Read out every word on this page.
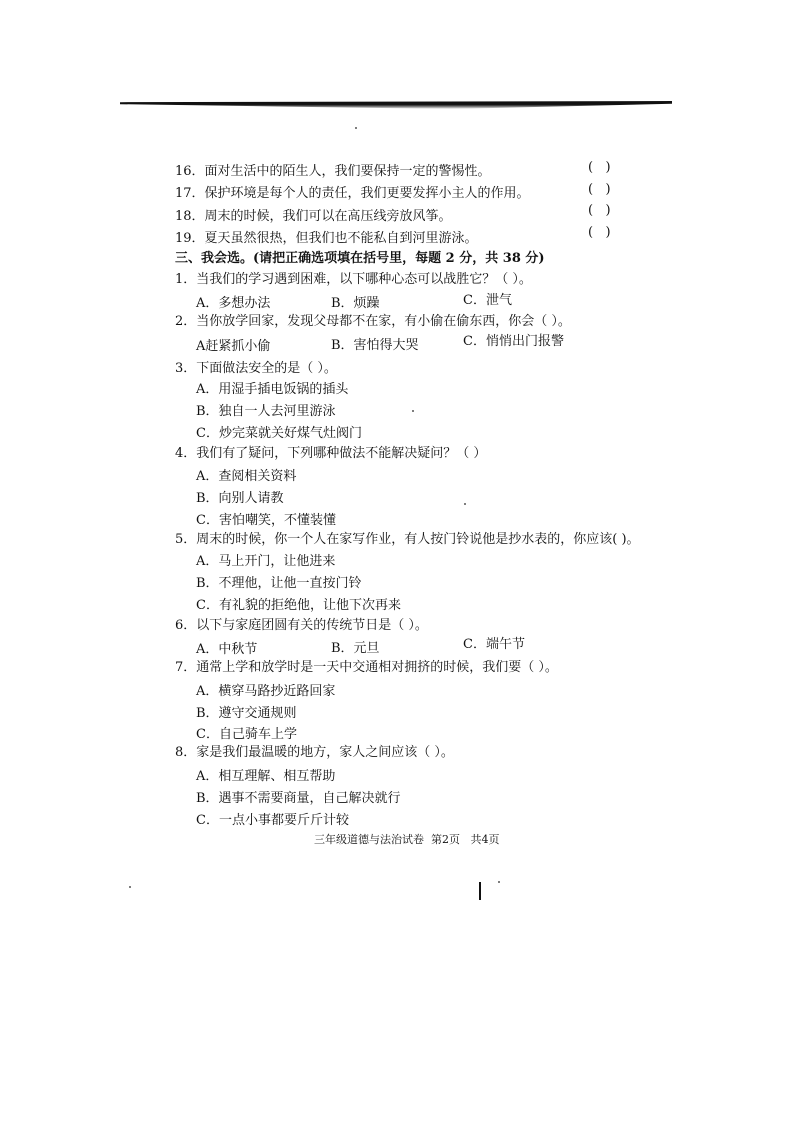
16．面对生活中的陌生人，我们要保持一定的警惕性。	(   )
17．保护环境是每个人的责任，我们更要发挥小主人的作用。	(   )
18．周末的时候，我们可以在高压线旁放风筝。	(   )
19．夏天虽然很热，但我们也不能私自到河里游泳。	(   )
三、我会选。(请把正确选项填在括号里，每题 2 分，共 38 分)
1．当我们的学习遇到困难，以下哪种心态可以战胜它？（ ）。
A．多想办法	B．烦躁	C．泄气
2．当你放学回家，发现父母都不在家，有小偷在偷东西，你会（ ）。
A赶紧抓小偷	B．害怕得大哭	C．悄悄出门报警
3．下面做法安全的是（ ）。
A．用湿手插电饭锅的插头
B．独自一人去河里游泳
C．炒完菜就关好煤气灶阀门
4．我们有了疑问，下列哪种做法不能解决疑问？（ ）
A．查阅相关资料
B．向别人请教
C．害怕嘲笑，不懂装懂
5．周末的时候，你一个人在家写作业，有人按门铃说他是抄水表的，你应该( )。
A．马上开门，让他进来
B．不理他，让他一直按门铃
C．有礼貌的拒绝他，让他下次再来
6．以下与家庭团圆有关的传统节日是（ ）。
A．中秋节	B．元旦	C．端午节
7．通常上学和放学时是一天中交通相对拥挤的时候，我们要（ ）。
A．横穿马路抄近路回家
B．遵守交通规则
C．自己骑车上学
8．家是我们最温暖的地方，家人之间应该（ ）。
A．相互理解、相互帮助
B．遇事不需要商量，自己解决就行
C．一点小事都要斤斤计较
三年级道德与法治试卷  第2页   共4页
